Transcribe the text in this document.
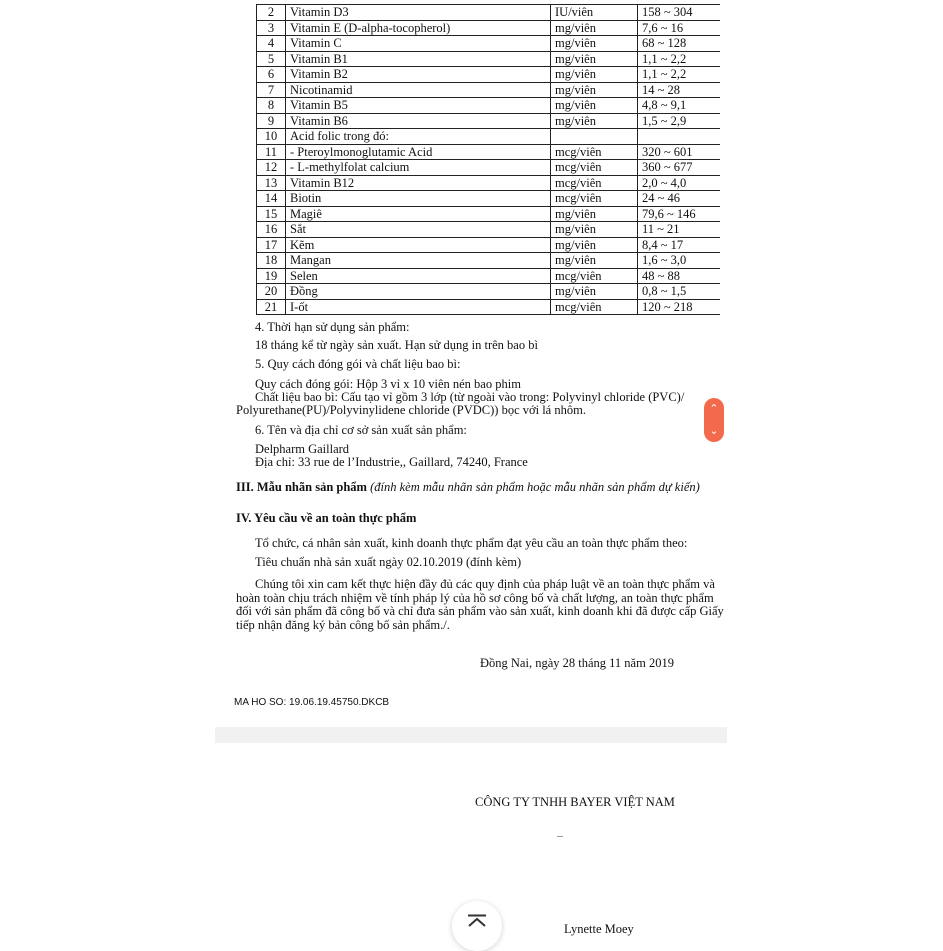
2	Vitamin D3	IU/viên	158 ~ 304
3	Vitamin E (D-alpha-tocopherol)	mg/viên	7,6 ~ 16
4	Vitamin C	mg/viên	68 ~ 128
5	Vitamin B1	mg/viên	1,1 ~ 2,2
6	Vitamin B2	mg/viên	1,1 ~ 2,2
7	Nicotinamid	mg/viên	14 ~ 28
8	Vitamin B5	mg/viên	4,8 ~ 9,1
9	Vitamin B6	mg/viên	1,5 ~ 2,9
10	Acid folic trong đó:		
11	- Pteroylmonoglutamic Acid	mcg/viên	320 ~ 601
12	- L-methylfolat calcium	mcg/viên	360 ~ 677
13	Vitamin B12	mcg/viên	2,0 ~ 4,0
14	Biotin	mcg/viên	24 ~ 46
15	Magiê	mg/viên	79,6 ~ 146
16	Sắt	mg/viên	11 ~ 21
17	Kẽm	mg/viên	8,4 ~ 17
18	Mangan	mg/viên	1,6 ~ 3,0
19	Selen	mcg/viên	48 ~ 88
20	Đồng	mg/viên	0,8 ~ 1,5
21	I-ốt	mcg/viên	120 ~ 218
4. Thời hạn sử dụng sản phẩm:
18 tháng kể từ ngày sản xuất. Hạn sử dụng in trên bao bì
5. Quy cách đóng gói và chất liệu bao bì:
Quy cách đóng gói: Hộp 3 vỉ x 10 viên nén bao phim
Chất liệu bao bì: Cấu tạo vỉ gồm 3 lớp (từ ngoài vào trong: Polyvinyl chloride (PVC)/
Polyurethane(PU)/Polyvinylidene chloride (PVDC)) bọc với lá nhôm.
6. Tên và địa chỉ cơ sở sản xuất sản phẩm:
Delpharm Gaillard
Địa chỉ: 33 rue de l’Industrie,, Gaillard, 74240, France
III. Mẫu nhãn sản phẩm (đính kèm mẫu nhãn sản phẩm hoặc mẫu nhãn sản phẩm dự kiến)
IV. Yêu cầu về an toàn thực phẩm
Tổ chức, cá nhân sản xuất, kinh doanh thực phẩm đạt yêu cầu an toàn thực phẩm theo:
Tiêu chuẩn nhà sản xuất ngày 02.10.2019 (đính kèm)
Chúng tôi xin cam kết thực hiện đầy đủ các quy định của pháp luật về an toàn thực phẩm và
hoàn toàn chịu trách nhiệm về tính pháp lý của hồ sơ công bố và chất lượng, an toàn thực phẩm
đối với sản phẩm đã công bố và chỉ đưa sản phẩm vào sản xuất, kinh doanh khi đã được cấp Giấy
tiếp nhận đăng ký bản công bố sản phẩm./.
Đồng Nai, ngày 28 tháng 11 năm 2019
MA HO SO: 19.06.19.45750.DKCB
CÔNG TY TNHH BAYER VIỆT NAM
Lynette Moey
⌃
⌄
